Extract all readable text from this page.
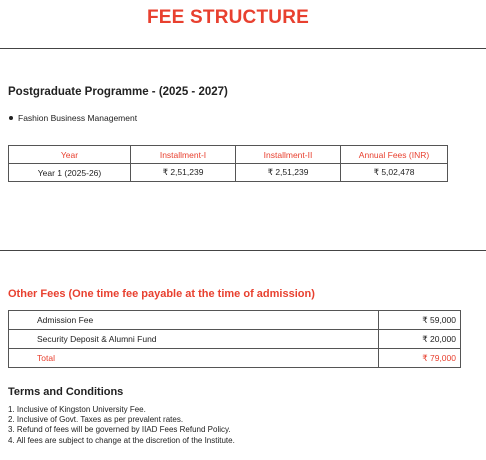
FEE STRUCTURE
Postgraduate Programme - (2025 - 2027)
Fashion Business Management
Year	Installment-I	Installment-II	Annual Fees (INR)
Year 1 (2025-26)	₹ 2,51,239	₹ 2,51,239	₹ 5,02,478
Other Fees (One time fee payable at the time of admission)
Admission Fee	₹ 59,000
Security Deposit & Alumni Fund	₹ 20,000
Total	₹ 79,000
Terms and Conditions
1. Inclusive of Kingston University Fee.
2. Inclusive of Govt. Taxes as per prevalent rates.
3. Refund of fees will be governed by IIAD Fees Refund Policy.
4. All fees are subject to change at the discretion of the Institute.
